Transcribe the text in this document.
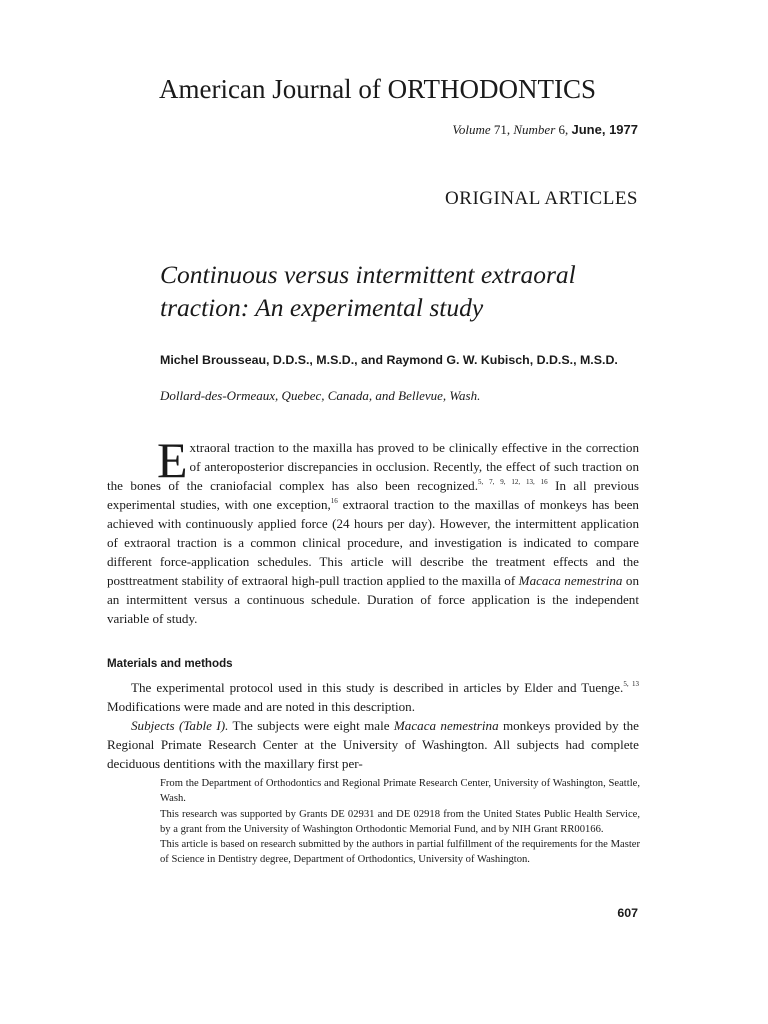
American Journal of ORTHODONTICS
Volume 71, Number 6, June, 1977
ORIGINAL ARTICLES
Continuous versus intermittent extraoral traction: An experimental study
Michel Brousseau, D.D.S., M.S.D., and Raymond G. W. Kubisch, D.D.S., M.S.D.
Dollard-des-Ormeaux, Quebec, Canada, and Bellevue, Wash.
Extraoral traction to the maxilla has proved to be clinically effective in the correction of anteroposterior discrepancies in occlusion. Recently, the effect of such traction on the bones of the craniofacial complex has also been recognized.$^{5, 7, 9, 12, 13, 16}$ In all previous experimental studies, with one exception,$^{16}$ extraoral traction to the maxillas of monkeys has been achieved with continuously applied force (24 hours per day). However, the intermittent application of extraoral traction is a common clinical procedure, and investigation is indicated to compare different force-application schedules. This article will describe the treatment effects and the posttreatment stability of extraoral high-pull traction applied to the maxilla of Macaca nemestrina on an intermittent versus a continuous schedule. Duration of force application is the independent variable of study.
Materials and methods

The experimental protocol used in this study is described in articles by Elder and Tuenge.$^{5, 13}$ Modifications were made and are noted in this description.

Subjects (Table I). The subjects were eight male Macaca nemestrina monkeys provided by the Regional Primate Research Center at the University of Washington. All subjects had complete deciduous dentitions with the maxillary first per-

From the Department of Orthodontics and Regional Primate Research Center, University of Washington, Seattle, Wash.

This research was supported by Grants DE 02931 and DE 02918 from the United States Public Health Service, by a grant from the University of Washington Orthodontic Memorial Fund, and by NIH Grant RR00166.

This article is based on research submitted by the authors in partial fulfillment of the requirements for the Master of Science in Dentistry degree, Department of Orthodontics, University of Washington.

607
